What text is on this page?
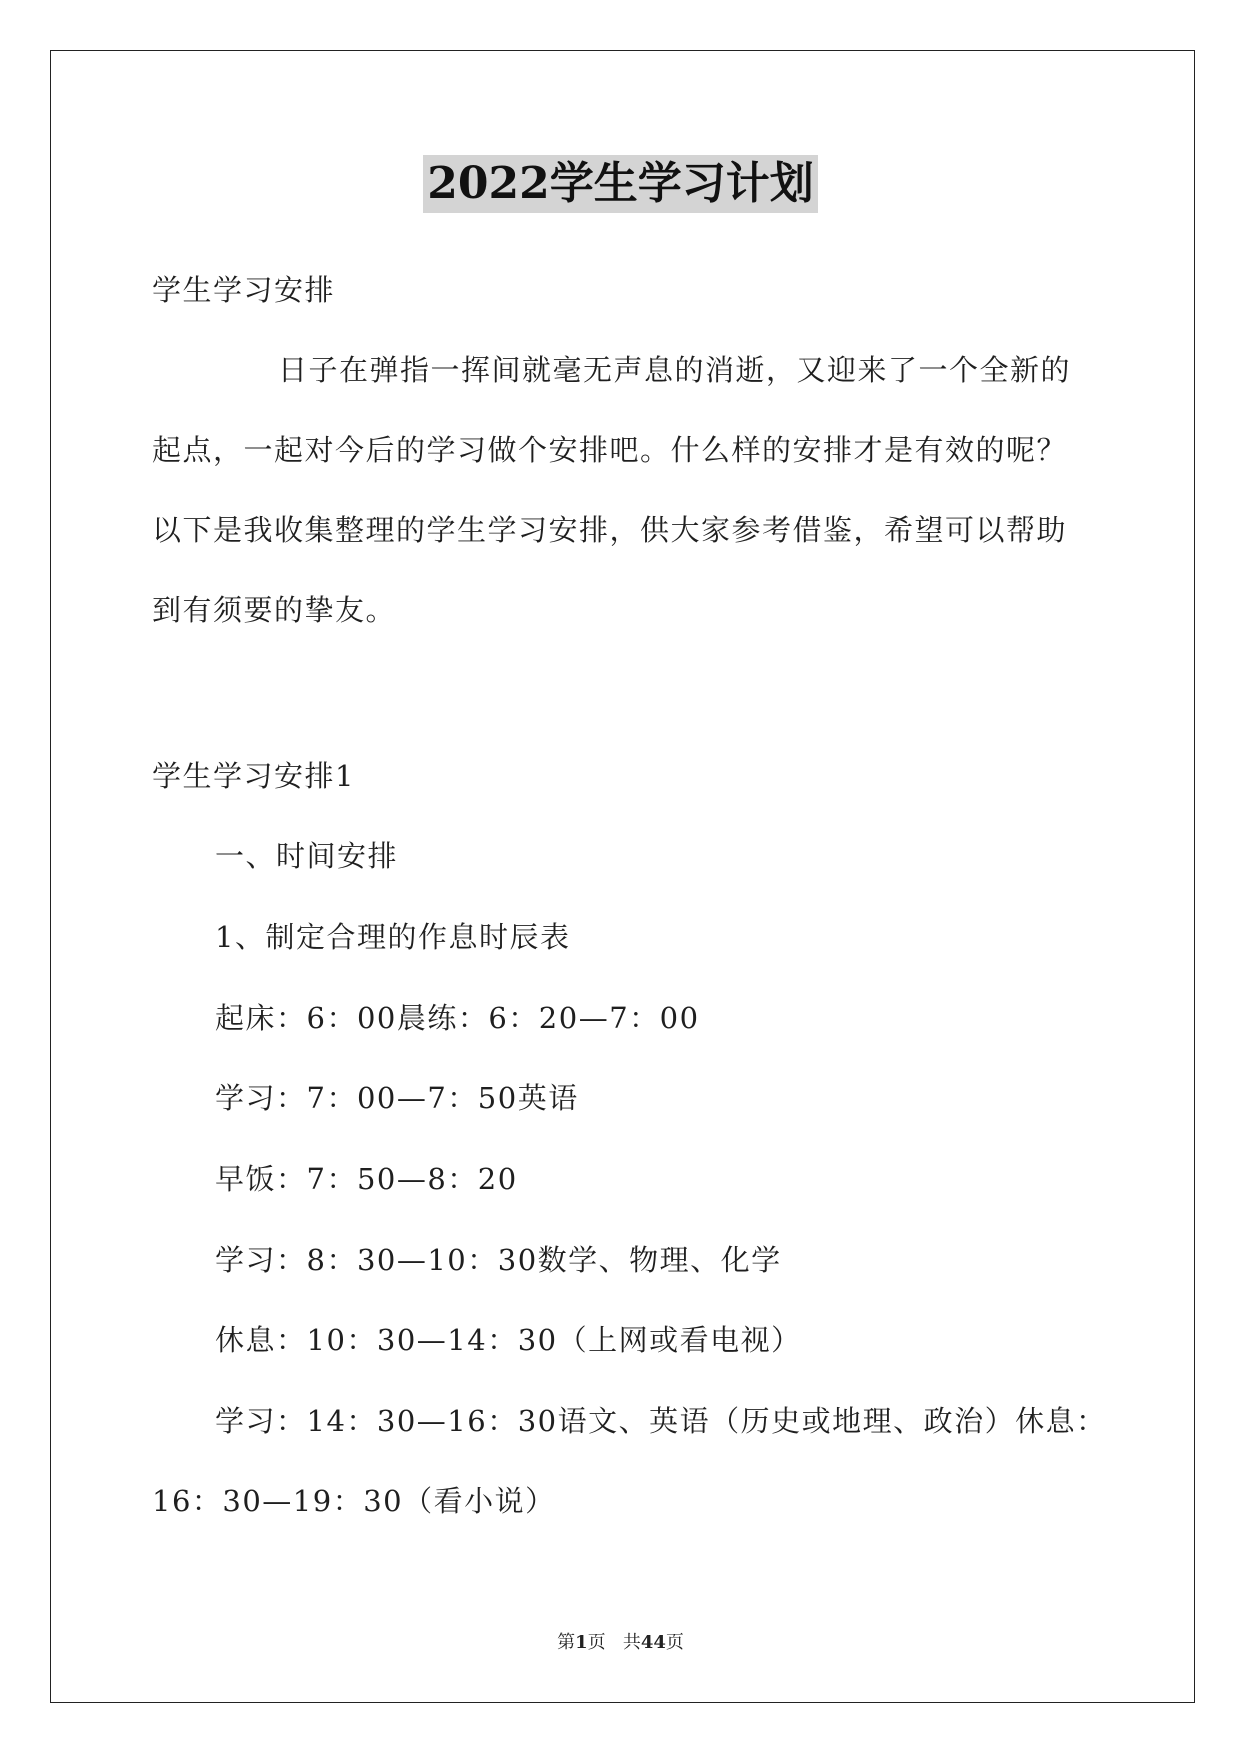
2022学生学习计划
学生学习安排
日子在弹指一挥间就毫无声息的消逝，又迎来了一个全新的
起点，一起对今后的学习做个安排吧。什么样的安排才是有效的呢？
以下是我收集整理的学生学习安排，供大家参考借鉴，希望可以帮助
到有须要的挚友。
学生学习安排1
一、时间安排
1、制定合理的作息时辰表
起床：6：00晨练：6：20—7：00
学习：7：00—7：50英语
早饭：7：50—8：20
学习：8：30—10：30数学、物理、化学
休息：10：30—14：30（上网或看电视）
学习：14：30—16：30语文、英语（历史或地理、政治）休息：
16：30—19：30（看小说）
第1页 共44页
